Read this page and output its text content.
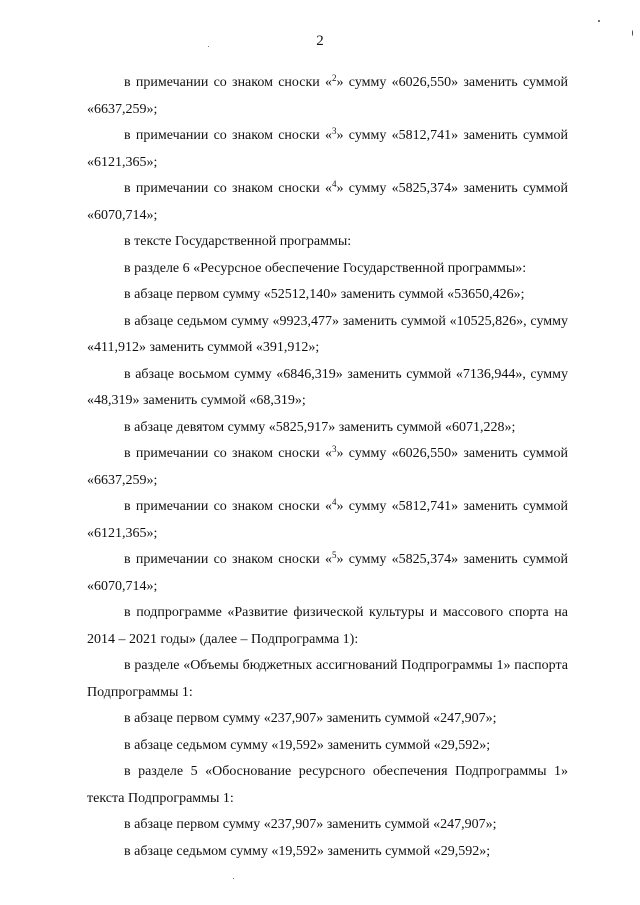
2

в примечании со знаком сноски «$^2$» сумму «6026,550» заменить суммой «6637,259»;

в примечании со знаком сноски «$^3$» сумму «5812,741» заменить суммой «6121,365»;

в примечании со знаком сноски «$^4$» сумму «5825,374» заменить суммой «6070,714»;

в тексте Государственной программы:

в разделе 6 «Ресурсное обеспечение Государственной программы»:

в абзаце первом сумму «52512,140» заменить суммой «53650,426»;

в абзаце седьмом сумму «9923,477» заменить суммой «10525,826», сумму «411,912» заменить суммой «391,912»;

в абзаце восьмом сумму «6846,319» заменить суммой «7136,944», сумму «48,319» заменить суммой «68,319»;

в абзаце девятом сумму «5825,917» заменить суммой «6071,228»;

в примечании со знаком сноски «$^3$» сумму «6026,550» заменить суммой «6637,259»;

в примечании со знаком сноски «$^4$» сумму «5812,741» заменить суммой «6121,365»;

в примечании со знаком сноски «$^5$» сумму «5825,374» заменить суммой «6070,714»;

в подпрограмме «Развитие физической культуры и массового спорта на 2014 – 2021 годы» (далее – Подпрограмма 1):

в разделе «Объемы бюджетных ассигнований Подпрограммы 1» паспорта Подпрограммы 1:

в абзаце первом сумму «237,907» заменить суммой «247,907»;

в абзаце седьмом сумму «19,592» заменить суммой «29,592»;

в разделе 5 «Обоснование ресурсного обеспечения Подпрограммы 1» текста Подпрограммы 1:

в абзаце первом сумму «237,907» заменить суммой «247,907»;

в абзаце седьмом сумму «19,592» заменить суммой «29,592»;
